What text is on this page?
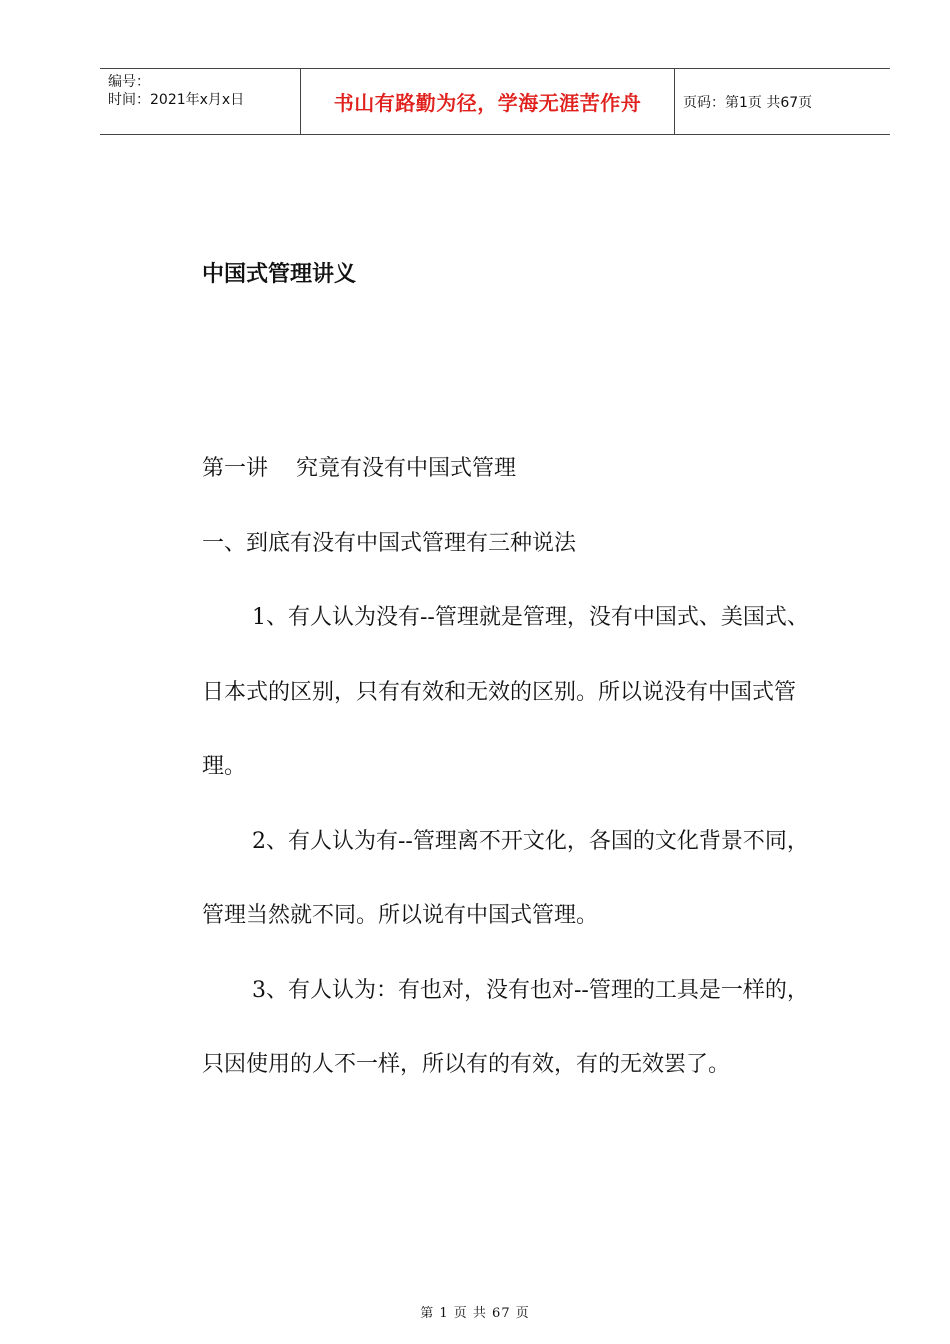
编号：
时间：2021年x月x日	书山有路勤为径，学海无涯苦作舟	页码：第1页 共67页
中国式管理讲义

第一讲    究竟有没有中国式管理

一、到底有没有中国式管理有三种说法

1、有人认为没有--管理就是管理，没有中国式、美国式、日本式的区别，只有有效和无效的区别。所以说没有中国式管理。

2、有人认为有--管理离不开文化，各国的文化背景不同，管理当然就不同。所以说有中国式管理。

3、有人认为：有也对，没有也对--管理的工具是一样的，只因使用的人不一样，所以有的有效，有的无效罢了。

第 1 页 共 67 页
